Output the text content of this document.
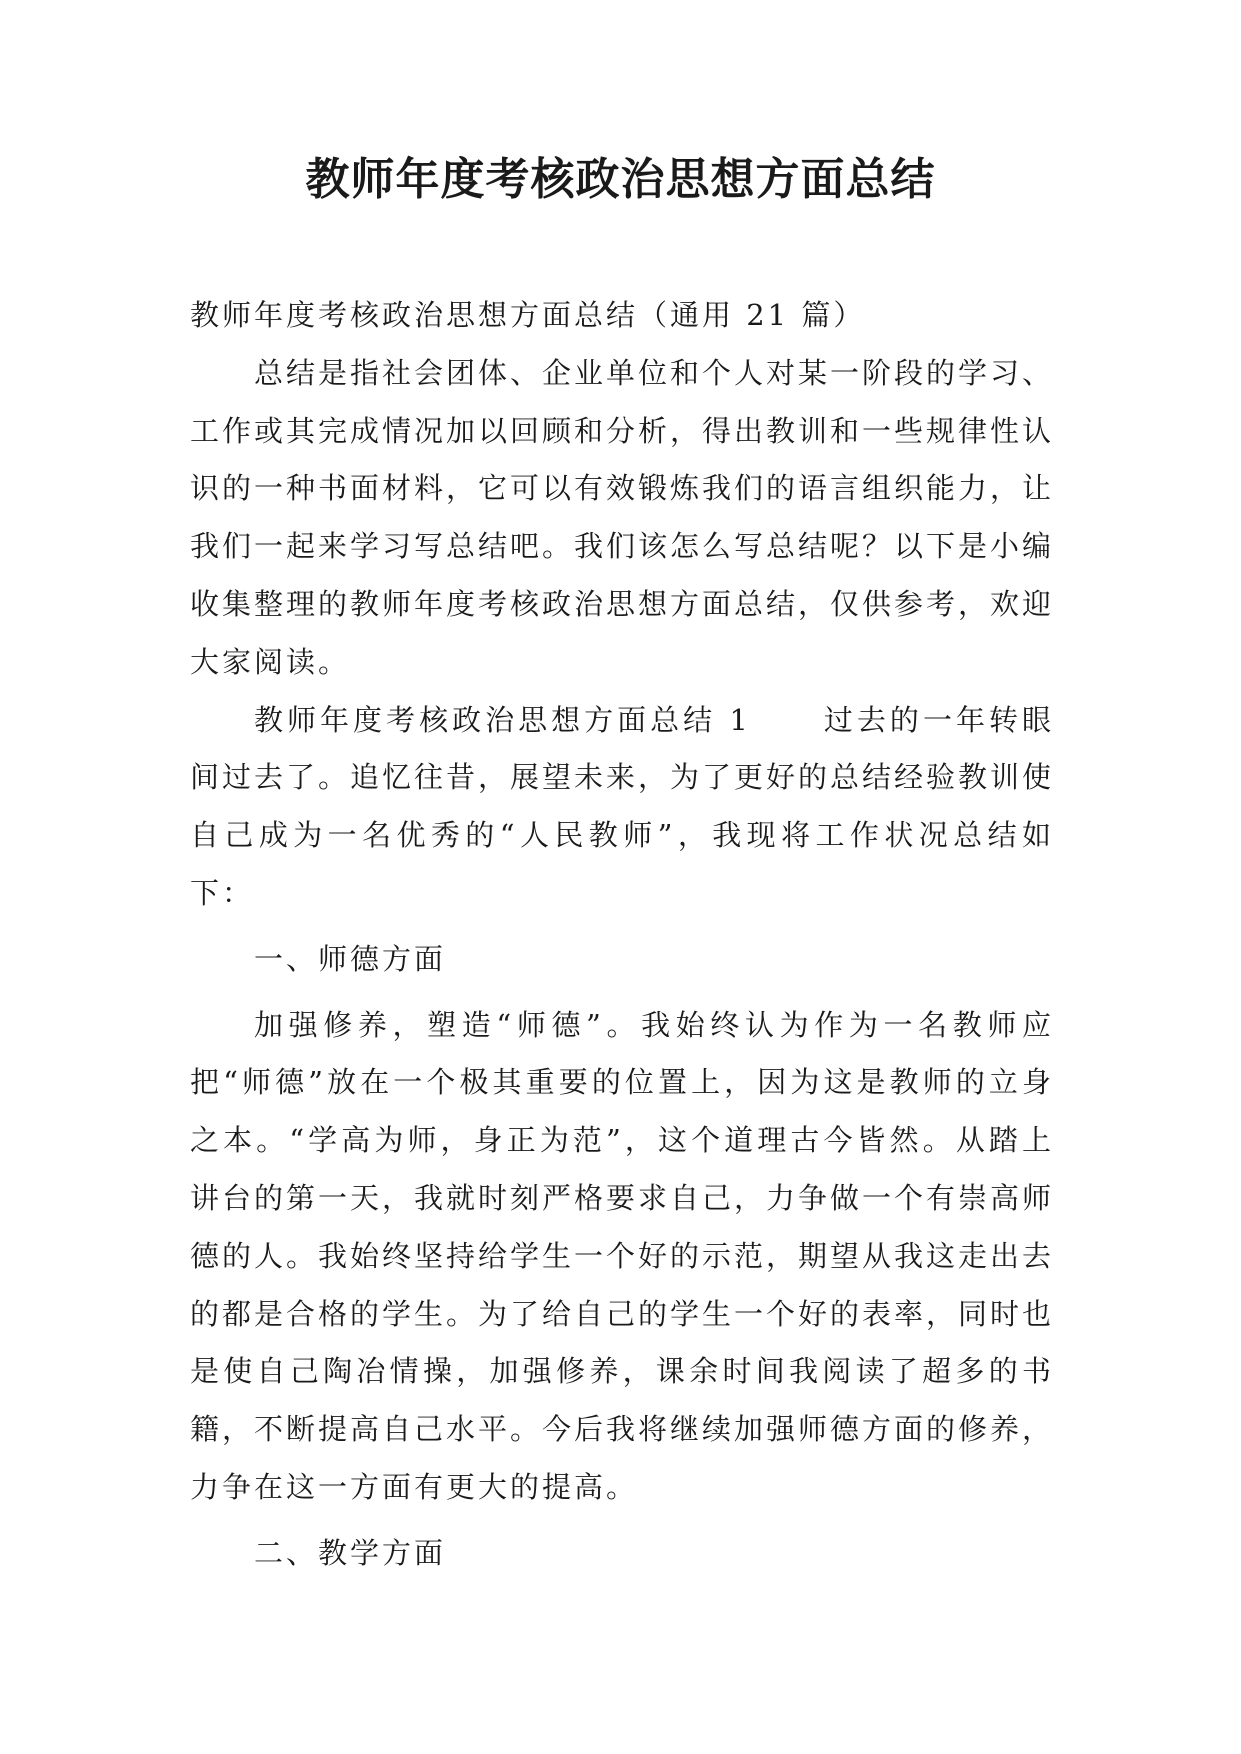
教师年度考核政治思想方面总结

教师年度考核政治思想方面总结（通用 21 篇）

总结是指社会团体、企业单位和个人对某一阶段的学习、工作或其完成情况加以回顾和分析，得出教训和一些规律性认识的一种书面材料，它可以有效锻炼我们的语言组织能力，让我们一起来学习写总结吧。我们该怎么写总结呢？以下是小编收集整理的教师年度考核政治思想方面总结，仅供参考，欢迎大家阅读。

教师年度考核政治思想方面总结 1 过去的一年转眼间过去了。追忆往昔，展望未来，为了更好的总结经验教训使自己成为一名优秀的“人民教师”，我现将工作状况总结如下：

一、师德方面

加强修养，塑造“师德”。我始终认为作为一名教师应把“师德”放在一个极其重要的位置上，因为这是教师的立身之本。“学高为师，身正为范”，这个道理古今皆然。从踏上讲台的第一天，我就时刻严格要求自己，力争做一个有崇高师德的人。我始终坚持给学生一个好的示范，期望从我这走出去的都是合格的学生。为了给自己的学生一个好的表率，同时也是使自己陶冶情操，加强修养，课余时间我阅读了超多的书籍，不断提高自己水平。今后我将继续加强师德方面的修养，力争在这一方面有更大的提高。

二、教学方面
